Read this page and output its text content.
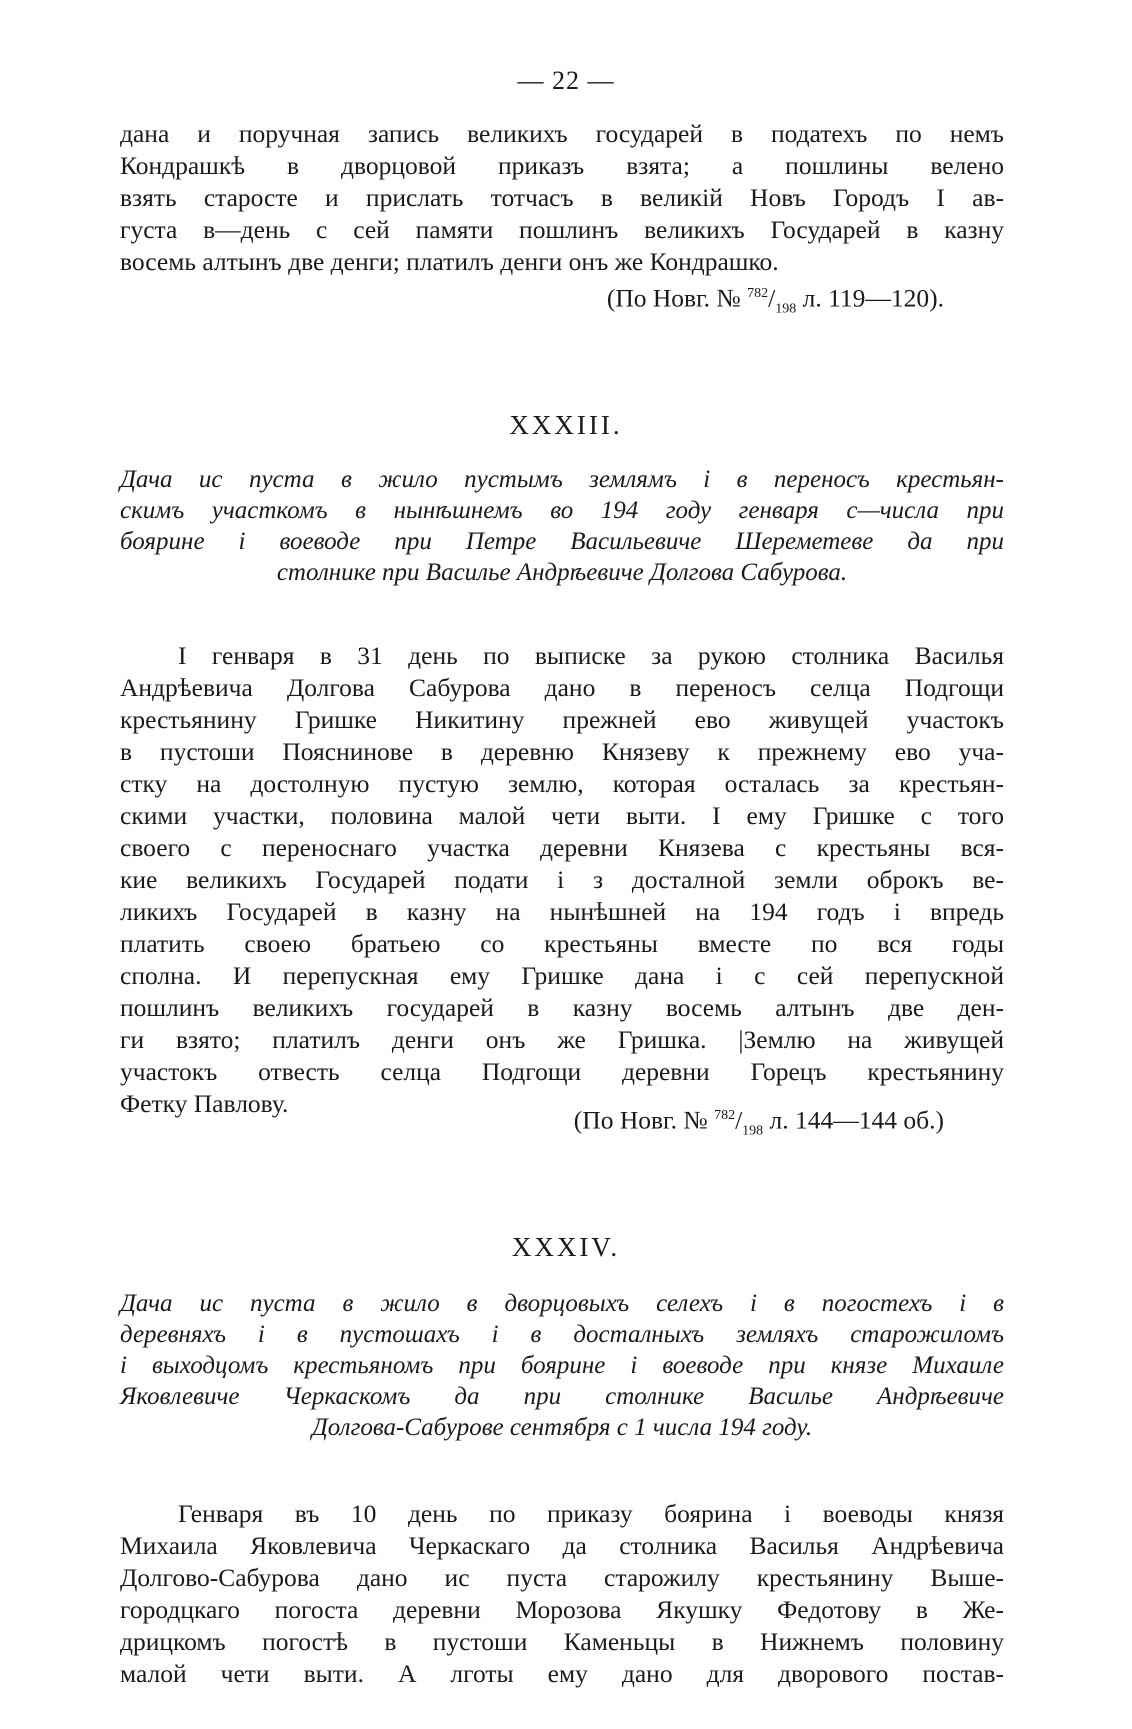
— 22 —
дана и поручная запись великихъ государей в податехъ по немъ
Кондрашкѣ в дворцовой приказъ взята; а пошлины велено
взять старосте и прислать тотчасъ в великій Новъ Городъ I ав-
густа в—день с сей памяти пошлинъ великихъ Государей в казну
восемь алтынъ две денги; платилъ денги онъ же Кондрашко.
(По Новг. № $^{782}/_{198}$ л. 119—120).
XXXIII.
Дача ис пуста в жило пустымъ землямъ і в переносъ крестьян-
скимъ участкомъ в нынѣшнемъ во 194 году генваря с—числа при
боярине і воеводе при Петре Васильевиче Шереметеве да при
столнике при Василье Андрѣевиче Долгова Сабурова.
I генваря в 31 день по выписке за рукою столника Василья
Андрѣевича Долгова Сабурова дано в переносъ селца Подгощи
крестьянину Гришке Никитину прежней ево живущей участокъ
в пустоши Пояснинове в деревню Князеву к прежнему ево уча-
стку на достолную пустую землю, которая осталась за крестьян-
скими участки, половина малой чети выти. I ему Гришке с того
своего с переноснаго участка деревни Князева с крестьяны вся-
кие великихъ Государей подати і з досталной земли оброкъ ве-
ликихъ Государей в казну на нынѣшней на 194 годъ і впредь
платить своею братьею со крестьяны вместе по вся годы
сполна. И перепускная ему Гришке дана і с сей перепускной
пошлинъ великихъ государей в казну восемь алтынъ две ден-
ги взято; платилъ денги онъ же Гришка. |Землю на живущей
участокъ отвесть селца Подгощи деревни Горецъ крестьянину
Фетку Павлову.
(По Новг. № $^{782}/_{198}$ л. 144—144 об.)
XXXIV.
Дача ис пуста в жило в дворцовыхъ селехъ і в погостехъ і в
деревняхъ і в пустошахъ і в досталныхъ земляхъ старожиломъ
і выходцомъ крестьяномъ при боярине і воеводе при князе Михаиле
Яковлевиче Черкаскомъ да при столнике Василье Андрѣевиче
Долгова-Сабурове сентября с 1 числа 194 году.
Генваря въ 10 день по приказу боярина і воеводы князя
Михаила Яковлевича Черкаскаго да столника Василья Андрѣевича
Долгово-Сабурова дано ис пуста старожилу крестьянину Выше-
городцкаго погоста деревни Морозова Якушку Федотову в Же-
дрицкомъ погостѣ в пустоши Каменьцы в Нижнемъ половину
малой чети выти. А лготы ему дано для дворового постав-
